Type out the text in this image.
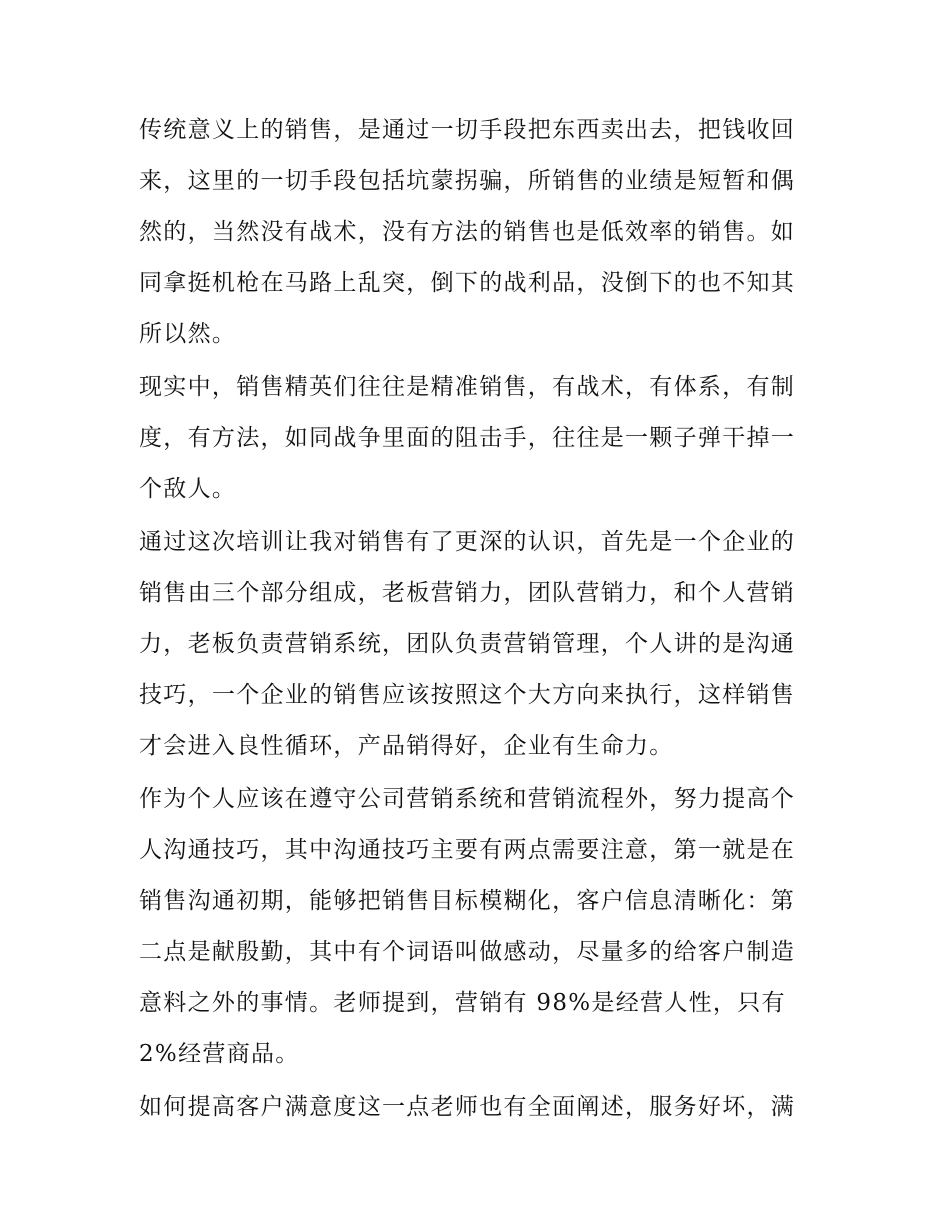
传统意义上的销售，是通过一切手段把东西卖出去，把钱收回
来，这里的一切手段包括坑蒙拐骗，所销售的业绩是短暂和偶
然的，当然没有战术，没有方法的销售也是低效率的销售。如
同拿挺机枪在马路上乱突，倒下的战利品，没倒下的也不知其
所以然。
现实中，销售精英们往往是精准销售，有战术，有体系，有制
度，有方法，如同战争里面的阻击手，往往是一颗子弹干掉一
个敌人。
通过这次培训让我对销售有了更深的认识，首先是一个企业的
销售由三个部分组成，老板营销力，团队营销力，和个人营销
力，老板负责营销系统，团队负责营销管理，个人讲的是沟通
技巧，一个企业的销售应该按照这个大方向来执行，这样销售
才会进入良性循环，产品销得好，企业有生命力。
作为个人应该在遵守公司营销系统和营销流程外，努力提高个
人沟通技巧，其中沟通技巧主要有两点需要注意，第一就是在
销售沟通初期，能够把销售目标模糊化，客户信息清晰化：第
二点是献殷勤，其中有个词语叫做感动，尽量多的给客户制造
意料之外的事情。老师提到，营销有 98%是经营人性，只有
2%经营商品。
如何提高客户满意度这一点老师也有全面阐述，服务好坏，满
